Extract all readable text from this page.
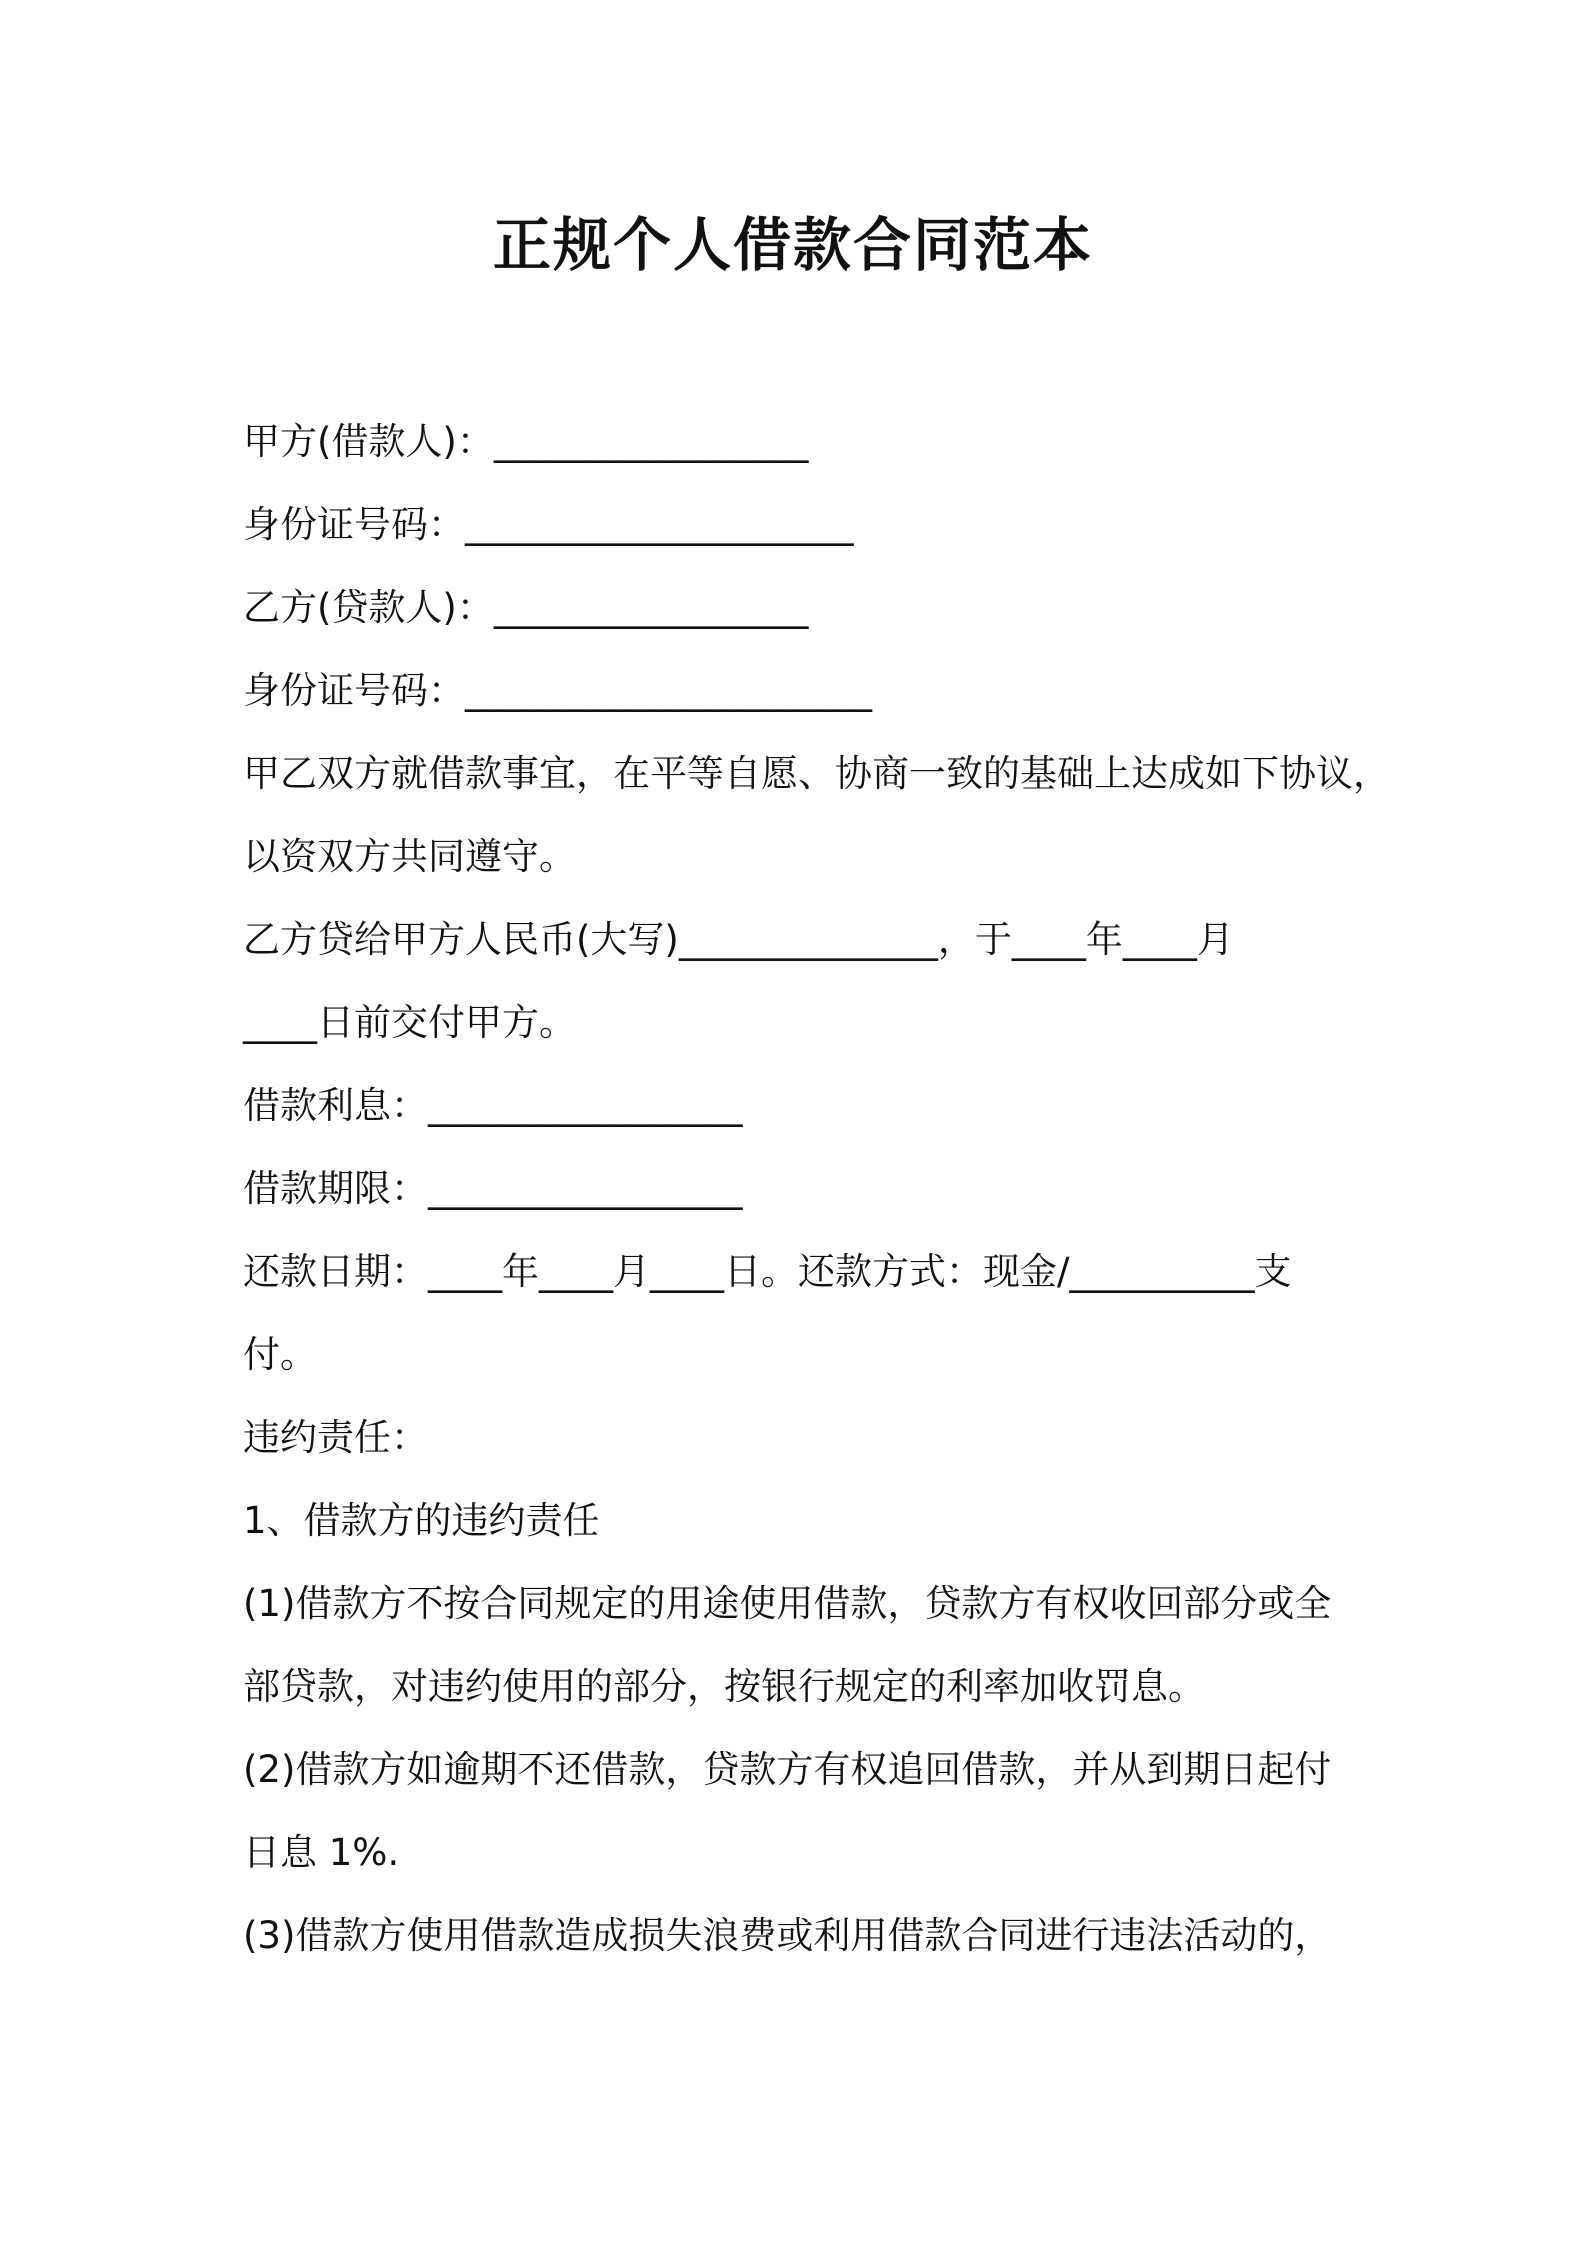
正规个人借款合同范本

甲方(借款人)：_________________

身份证号码：_____________________

乙方(贷款人)：_________________

身份证号码：______________________

甲乙双方就借款事宜，在平等自愿、协商一致的基础上达成如下协议，

以资双方共同遵守。

乙方贷给甲方人民币(大写)______________，于____年____月

____日前交付甲方。

借款利息：_________________

借款期限：_________________

还款日期：____年____月____日。还款方式：现金/__________支

付。

违约责任：

1、借款方的违约责任

(1)借款方不按合同规定的用途使用借款，贷款方有权收回部分或全

部贷款，对违约使用的部分，按银行规定的利率加收罚息。

(2)借款方如逾期不还借款，贷款方有权追回借款，并从到期日起付

日息 1%.

(3)借款方使用借款造成损失浪费或利用借款合同进行违法活动的，
